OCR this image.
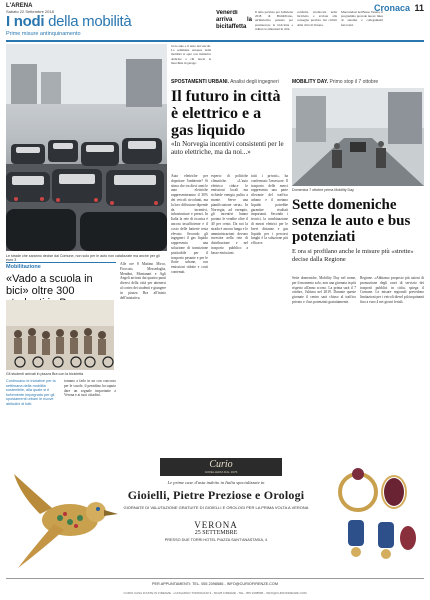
L'ARENA
Sabato 22 Settembre 2018	Cronaca 11
I nodi della mobilità
Prime misure antinquinamento
tra le auto e il resto dei veicoli. La settimana europea della mobilità si apre con iniziative dedicate a chi lascia la macchina in garage.
Venerdì arriva la bicitaffetta
Il tutto previsto per l'edizione 2018 di Bici&Treno, un'iniziativa pensata per promuovere la bicicletta e ridurre le emissioni in città.
conferita ricollocata nella bicicletta e avviata alla consegna prevista dai ciclisti della città di Verona.
Muovendosi nel Basso Veneto, il programma prevede nuove linee di autobus e collegamenti ferroviari.
Le strade che saranno decise dal Comune, non solo per le auto non catalizzate ma anche per gli euro 3
SPOSTAMENTI URBANI. Analisi degli ingegneri
Il futuro in città è elettrico e a gas liquido
«In Norvegia incentivi consistenti per le auto elettriche, ma da noi...»
Auto elettriche per dopottare l'ambiente? Si stima che tra dieci anni le auto elettriche rappresenteranno il 30% dei veicoli circolanti, ma la loro diffusione dipende da incentivi, infrastrutture e prezzi. In Italia la rete di ricarica è ancora insufficiente e il costo delle batterie resta elevato. Secondo gli ingegneri il gas liquido rappresenta una soluzione di transizione praticabile per il trasporto pesante e per le flotte urbane, con emissioni ridotte e costi contenuti.
esperto di politiche climatiche. «L'auto elettrica riduce le emissioni locali ma richiede energia pulita a monte. Serve una pianificazione seria». In Norvegia, ad esempio, gli incentivi hanno portato le vendite oltre il 40 per cento. Da noi la strada è ancora lunga e le amministrazioni devono investire nella rete di distribuzione e nel trasporto pubblico a basse emissioni.
tutti i privati», ha confermato l'assessore. Il trasporto delle merci rappresenta una parte rilevante del traffico urbano e il metano liquido potrebbe garantire risultati importanti. Secondo i tecnici, la combinazione di mezzi elettrici per le brevi distanze e gas liquido per i percorsi lunghi è la soluzione più efficace.
MOBILITY DAY. Primo stop il 7 ottobre
Domenica 7 ottobre prima Mobility Day
Sette domeniche senza le auto e bus potenziati
E ora si profilano anche le misure più «strette» decise dalla Regione
Sette domeniche, Mobility Day nel nome, per il momento solo, non una giornata in più rispetto all'anno scorso. La prima sarà il 7 ottobre, l'ultima nel 2019. Durante queste giornate il centro sarà chiuso al traffico privato e i bus potenziati gratuitamente.
Regione. «Abbiamo proposto più azioni di promozione degli orari di servizio dei trasporti pubblici in città» spiega il Comune. Le misure regionali prevedono limitazioni per i veicoli diesel più inquinanti fino a euro 4 nei giorni feriali.
Mobilitazione
«Vado a scuola in bici» oltre 300
Gli studenti arrivati in piazza Bra con la bicicletta
Continuano le iniziative per la settimana della mobilità sostenibile, alla quale si è fortemente impegnato per gli spostamenti urbani le nuove abitudini di tutti.
tornano a farlo in un con concorso per le scuole, il pentolino ha saputo dare un segnale importante a Verona e ai suoi cittadini.
Alle ore 8 Mattino Mirco, Fioccato, Messedaglia, Mendini, Montanari e Agli Angeli arrivati dai quattro punti diversi della città per attenersi al corteo dei studenti e giungere in piazza Bra all'inizio dell'iniziativa.
Curio
GIOIELLERIA DAL 1976
Le prime case d'asta indetto in Italia specializzate in
Gioielli, Pietre Preziose e Orologi
GIORNATE DI VALUTAZIONE GRATUITE DI GIOIELLI E OROLOGI PER LA PRIMA VOLTA A VERONA
VERONA
25 SETTEMBRE
PRESSO DUE TORRI HOTEL PIAZZA SANT'ANASTASIA, 4
PER APPUNTAMENTI: TEL. 055 2398586 - INFO@CURIOFIRENZE.COM
CURIO CASA D'ASTE IN FIRENZE - LUNGARNO TORRIGIANI 9 - 50125 FIRENZE - TEL. 055 2398586 - INFO@CURIOFIRENZE.COM
